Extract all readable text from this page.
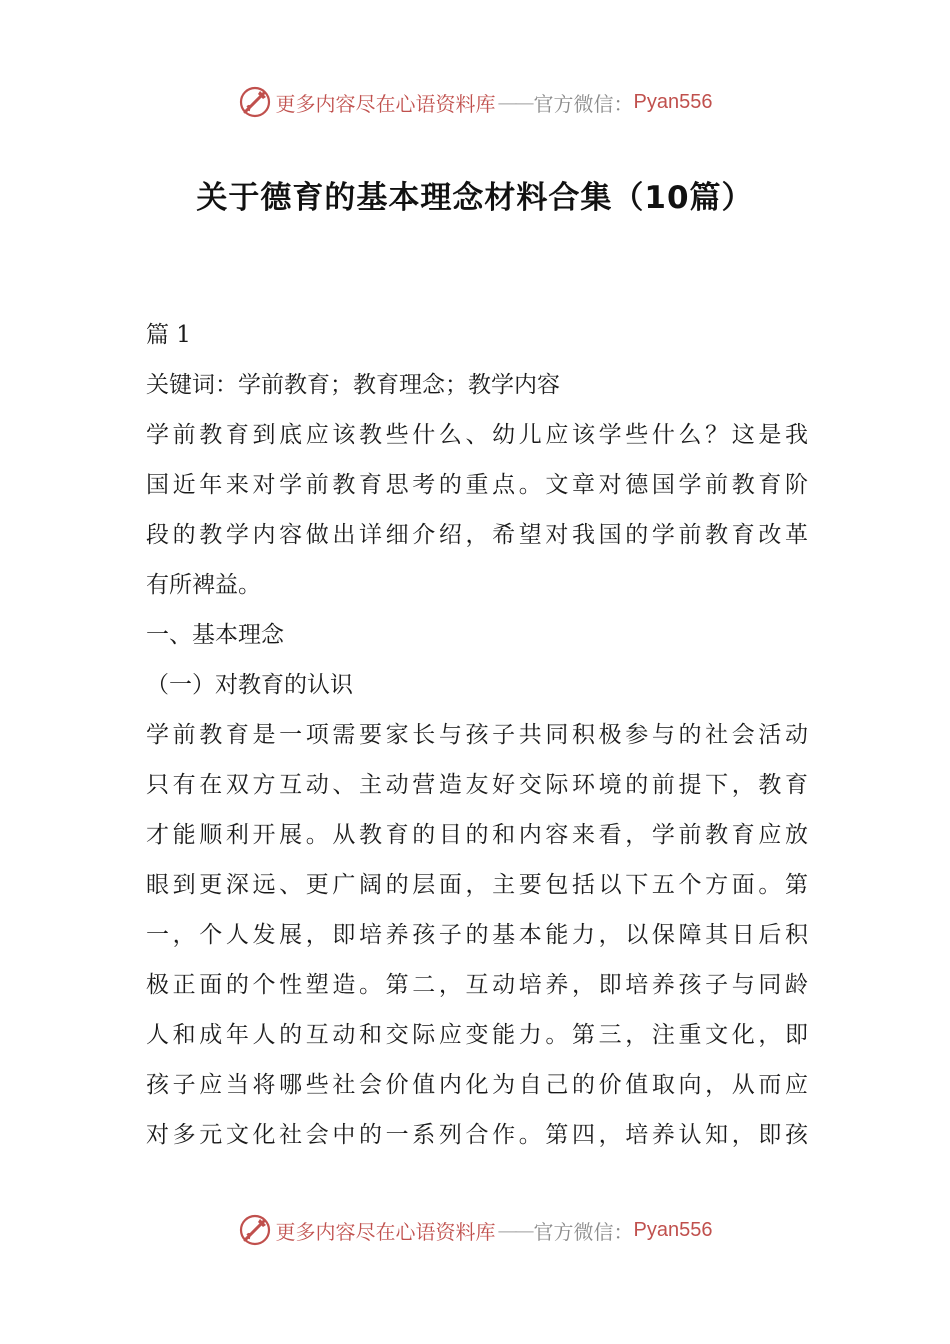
更多内容尽在心语资料库 —— 官方微信： Pyan556
关于德育的基本理念材料合集（10篇）
篇 1
关键词：学前教育；教育理念；教学内容
学前教育到底应该教些什么、幼儿应该学些什么？这是我
国近年来对学前教育思考的重点。文章对德国学前教育阶
段的教学内容做出详细介绍，希望对我国的学前教育改革
有所裨益。
一、基本理念
（一）对教育的认识
学前教育是一项需要家长与孩子共同积极参与的社会活动
只有在双方互动、主动营造友好交际环境的前提下，教育
才能顺利开展。从教育的目的和内容来看，学前教育应放
眼到更深远、更广阔的层面，主要包括以下五个方面。第
一，个人发展，即培养孩子的基本能力，以保障其日后积
极正面的个性塑造。第二，互动培养，即培养孩子与同龄
人和成年人的互动和交际应变能力。第三，注重文化，即
孩子应当将哪些社会价值内化为自己的价值取向，从而应
对多元文化社会中的一系列合作。第四，培养认知，即孩
更多内容尽在心语资料库 —— 官方微信： Pyan556
